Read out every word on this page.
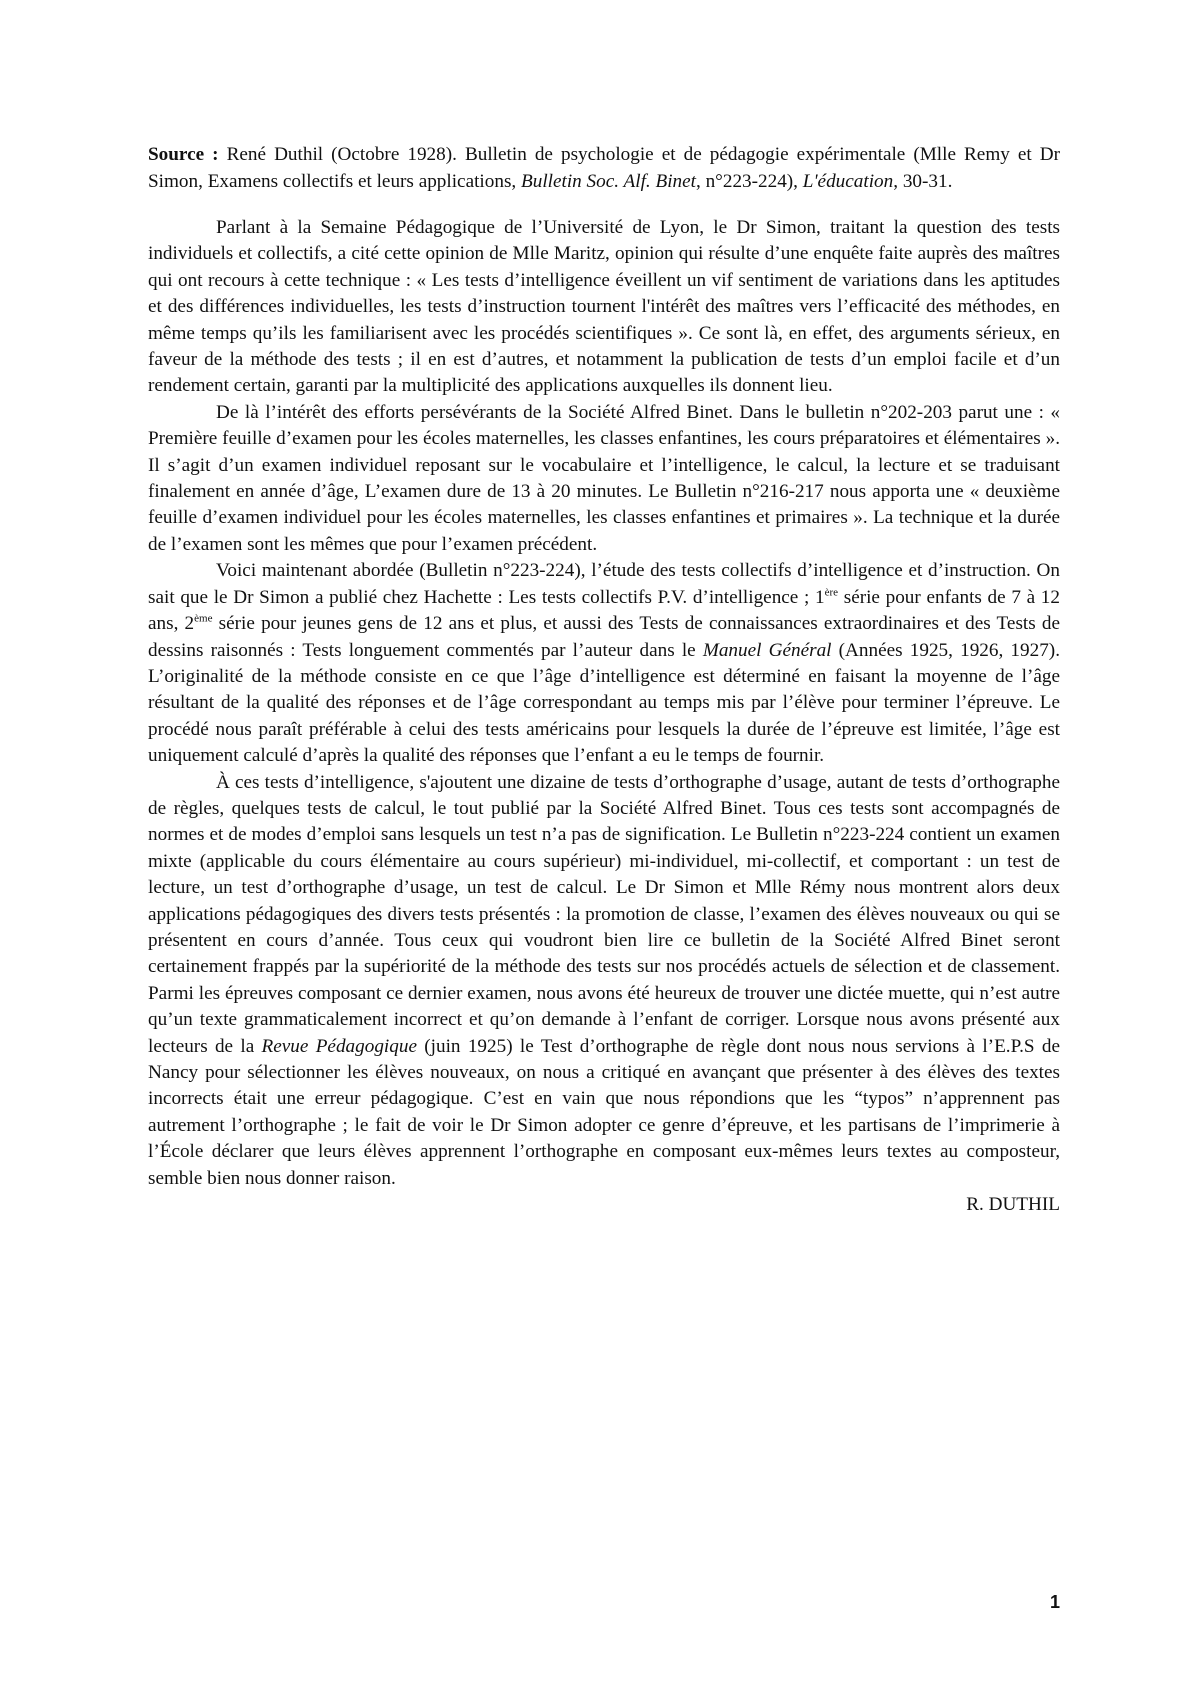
Source : René Duthil (Octobre 1928). Bulletin de psychologie et de pédagogie expérimentale (Mlle Remy et Dr Simon, Examens collectifs et leurs applications, Bulletin Soc. Alf. Binet, n°223-224), L'éducation, 30-31.

Parlant à la Semaine Pédagogique de l’Université de Lyon, le Dr Simon, traitant la question des tests individuels et collectifs, a cité cette opinion de Mlle Maritz, opinion qui résulte d’une enquête faite auprès des maîtres qui ont recours à cette technique : « Les tests d’intelligence éveillent un vif sentiment de variations dans les aptitudes et des différences individuelles, les tests d’instruction tournent l'intérêt des maîtres vers l’efficacité des méthodes, en même temps qu’ils les familiarisent avec les procédés scientifiques ». Ce sont là, en effet, des arguments sérieux, en faveur de la méthode des tests ; il en est d’autres, et notamment la publication de tests d’un emploi facile et d’un rendement certain, garanti par la multiplicité des applications auxquelles ils donnent lieu.

De là l’intérêt des efforts persévérants de la Société Alfred Binet. Dans le bulletin n°202-203 parut une : « Première feuille d’examen pour les écoles maternelles, les classes enfantines, les cours préparatoires et élémentaires ». Il s’agit d’un examen individuel reposant sur le vocabulaire et l’intelligence, le calcul, la lecture et se traduisant finalement en année d’âge, L’examen dure de 13 à 20 minutes. Le Bulletin n°216-217 nous apporta une « deuxième feuille d’examen individuel pour les écoles maternelles, les classes enfantines et primaires ». La technique et la durée de l’examen sont les mêmes que pour l’examen précédent.

Voici maintenant abordée (Bulletin n°223-224), l’étude des tests collectifs d’intelligence et d’instruction. On sait que le Dr Simon a publié chez Hachette : Les tests collectifs P.V. d’intelligence ; 1ère série pour enfants de 7 à 12 ans, 2ème série pour jeunes gens de 12 ans et plus, et aussi des Tests de connaissances extraordinaires et des Tests de dessins raisonnés : Tests longuement commentés par l’auteur dans le Manuel Général (Années 1925, 1926, 1927). L’originalité de la méthode consiste en ce que l’âge d’intelligence est déterminé en faisant la moyenne de l’âge résultant de la qualité des réponses et de l’âge correspondant au temps mis par l’élève pour terminer l’épreuve. Le procédé nous paraît préférable à celui des tests américains pour lesquels la durée de l’épreuve est limitée, l’âge est uniquement calculé d’après la qualité des réponses que l’enfant a eu le temps de fournir.

À ces tests d’intelligence, s'ajoutent une dizaine de tests d’orthographe d’usage, autant de tests d’orthographe de règles, quelques tests de calcul, le tout publié par la Société Alfred Binet. Tous ces tests sont accompagnés de normes et de modes d’emploi sans lesquels un test n’a pas de signification. Le Bulletin n°223-224 contient un examen mixte (applicable du cours élémentaire au cours supérieur) mi-individuel, mi-collectif, et comportant : un test de lecture, un test d’orthographe d’usage, un test de calcul. Le Dr Simon et Mlle Rémy nous montrent alors deux applications pédagogiques des divers tests présentés : la promotion de classe, l’examen des élèves nouveaux ou qui se présentent en cours d’année. Tous ceux qui voudront bien lire ce bulletin de la Société Alfred Binet seront certainement frappés par la supériorité de la méthode des tests sur nos procédés actuels de sélection et de classement. Parmi les épreuves composant ce dernier examen, nous avons été heureux de trouver une dictée muette, qui n’est autre qu’un texte grammaticalement incorrect et qu’on demande à l’enfant de corriger. Lorsque nous avons présenté aux lecteurs de la Revue Pédagogique (juin 1925) le Test d’orthographe de règle dont nous nous servions à l’E.P.S de Nancy pour sélectionner les élèves nouveaux, on nous a critiqué en avançant que présenter à des élèves des textes incorrects était une erreur pédagogique. C’est en vain que nous répondions que les “typos” n’apprennent pas autrement l’orthographe ; le fait de voir le Dr Simon adopter ce genre d’épreuve, et les partisans de l’imprimerie à l’École déclarer que leurs élèves apprennent l’orthographe en composant eux-mêmes leurs textes au composteur, semble bien nous donner raison.

R. DUTHIL

1
